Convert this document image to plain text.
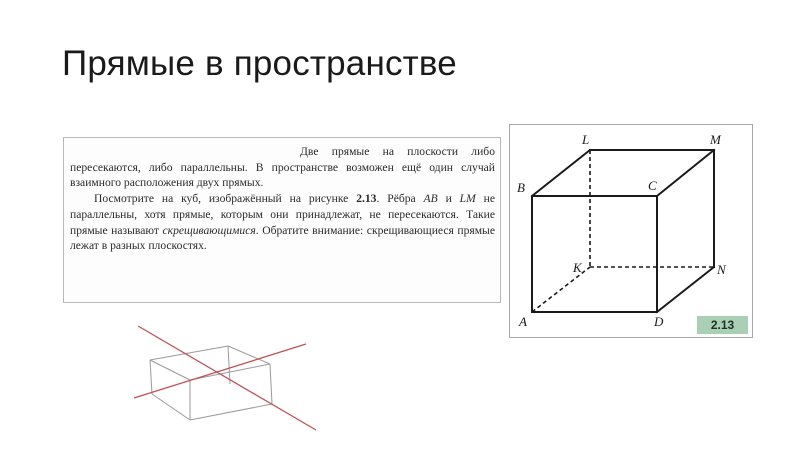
Прямые в пространстве

Две прямые на плоскости либо пересекаются, либо параллельны. В пространстве возможен ещё один случай взаимного расположения двух прямых.

Посмотрите на куб, изображённый на рисунке 2.13. Рёбра AB и LM не параллельны, хотя прямые, которым они принадлежат, не пересекаются. Такие прямые называют скрещивающимися. Обратите внимание: скрещивающиеся прямые лежат в разных плоскостях.

L	M
B	C
K	N
A	D	2.13
